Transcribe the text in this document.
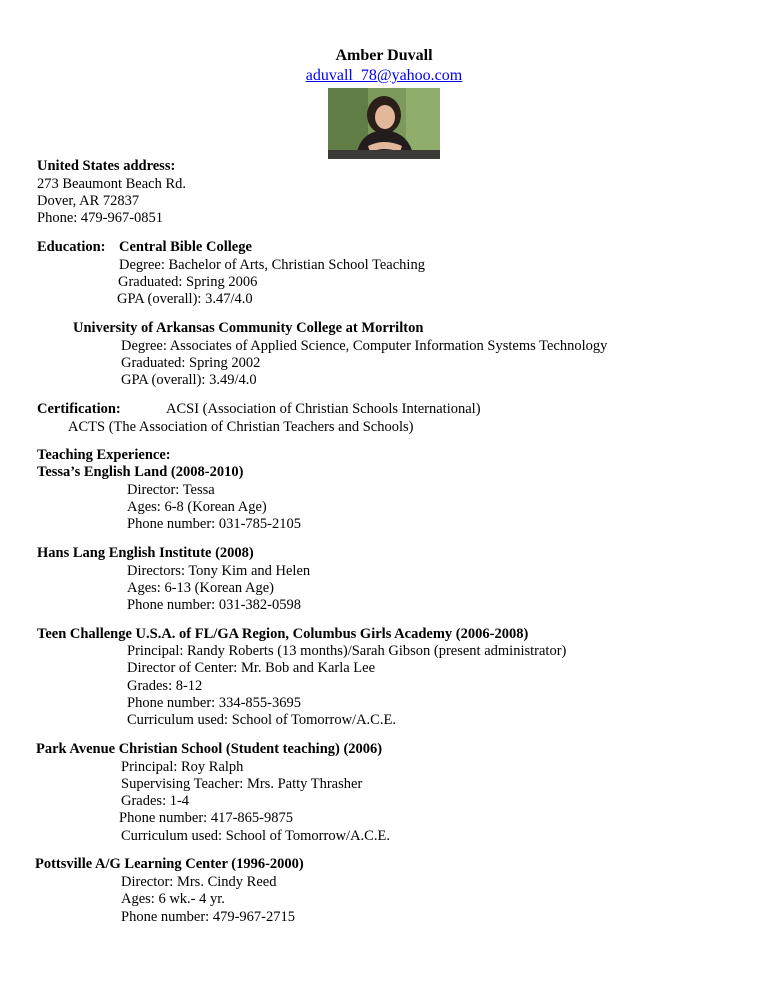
Amber Duvall
aduvall_78@yahoo.com
United States address:
273 Beaumont Beach Rd.
Dover, AR 72837
Phone: 479-967-0851
Education: Central Bible College
Degree: Bachelor of Arts, Christian School Teaching
Graduated: Spring 2006
GPA (overall): 3.47/4.0
University of Arkansas Community College at Morrilton
Degree: Associates of Applied Science, Computer Information Systems Technology
Graduated: Spring 2002
GPA (overall): 3.49/4.0
Certification:	ACSI (Association of Christian Schools International)
ACTS (The Association of Christian Teachers and Schools)
Teaching Experience:
Tessa’s English Land (2008-2010)
Director: Tessa
Ages: 6-8 (Korean Age)
Phone number: 031-785-2105
Hans Lang English Institute (2008)
Directors: Tony Kim and Helen
Ages: 6-13 (Korean Age)
Phone number: 031-382-0598
Teen Challenge U.S.A. of FL/GA Region, Columbus Girls Academy (2006-2008)
Principal: Randy Roberts (13 months)/Sarah Gibson (present administrator)
Director of Center: Mr. Bob and Karla Lee
Grades: 8-12
Phone number: 334-855-3695
Curriculum used: School of Tomorrow/A.C.E.
Park Avenue Christian School (Student teaching) (2006)
Principal: Roy Ralph
Supervising Teacher: Mrs. Patty Thrasher
Grades: 1-4
Phone number: 417-865-9875
Curriculum used: School of Tomorrow/A.C.E.
Pottsville A/G Learning Center (1996-2000)
Director: Mrs. Cindy Reed
Ages: 6 wk.- 4 yr.
Phone number: 479-967-2715
